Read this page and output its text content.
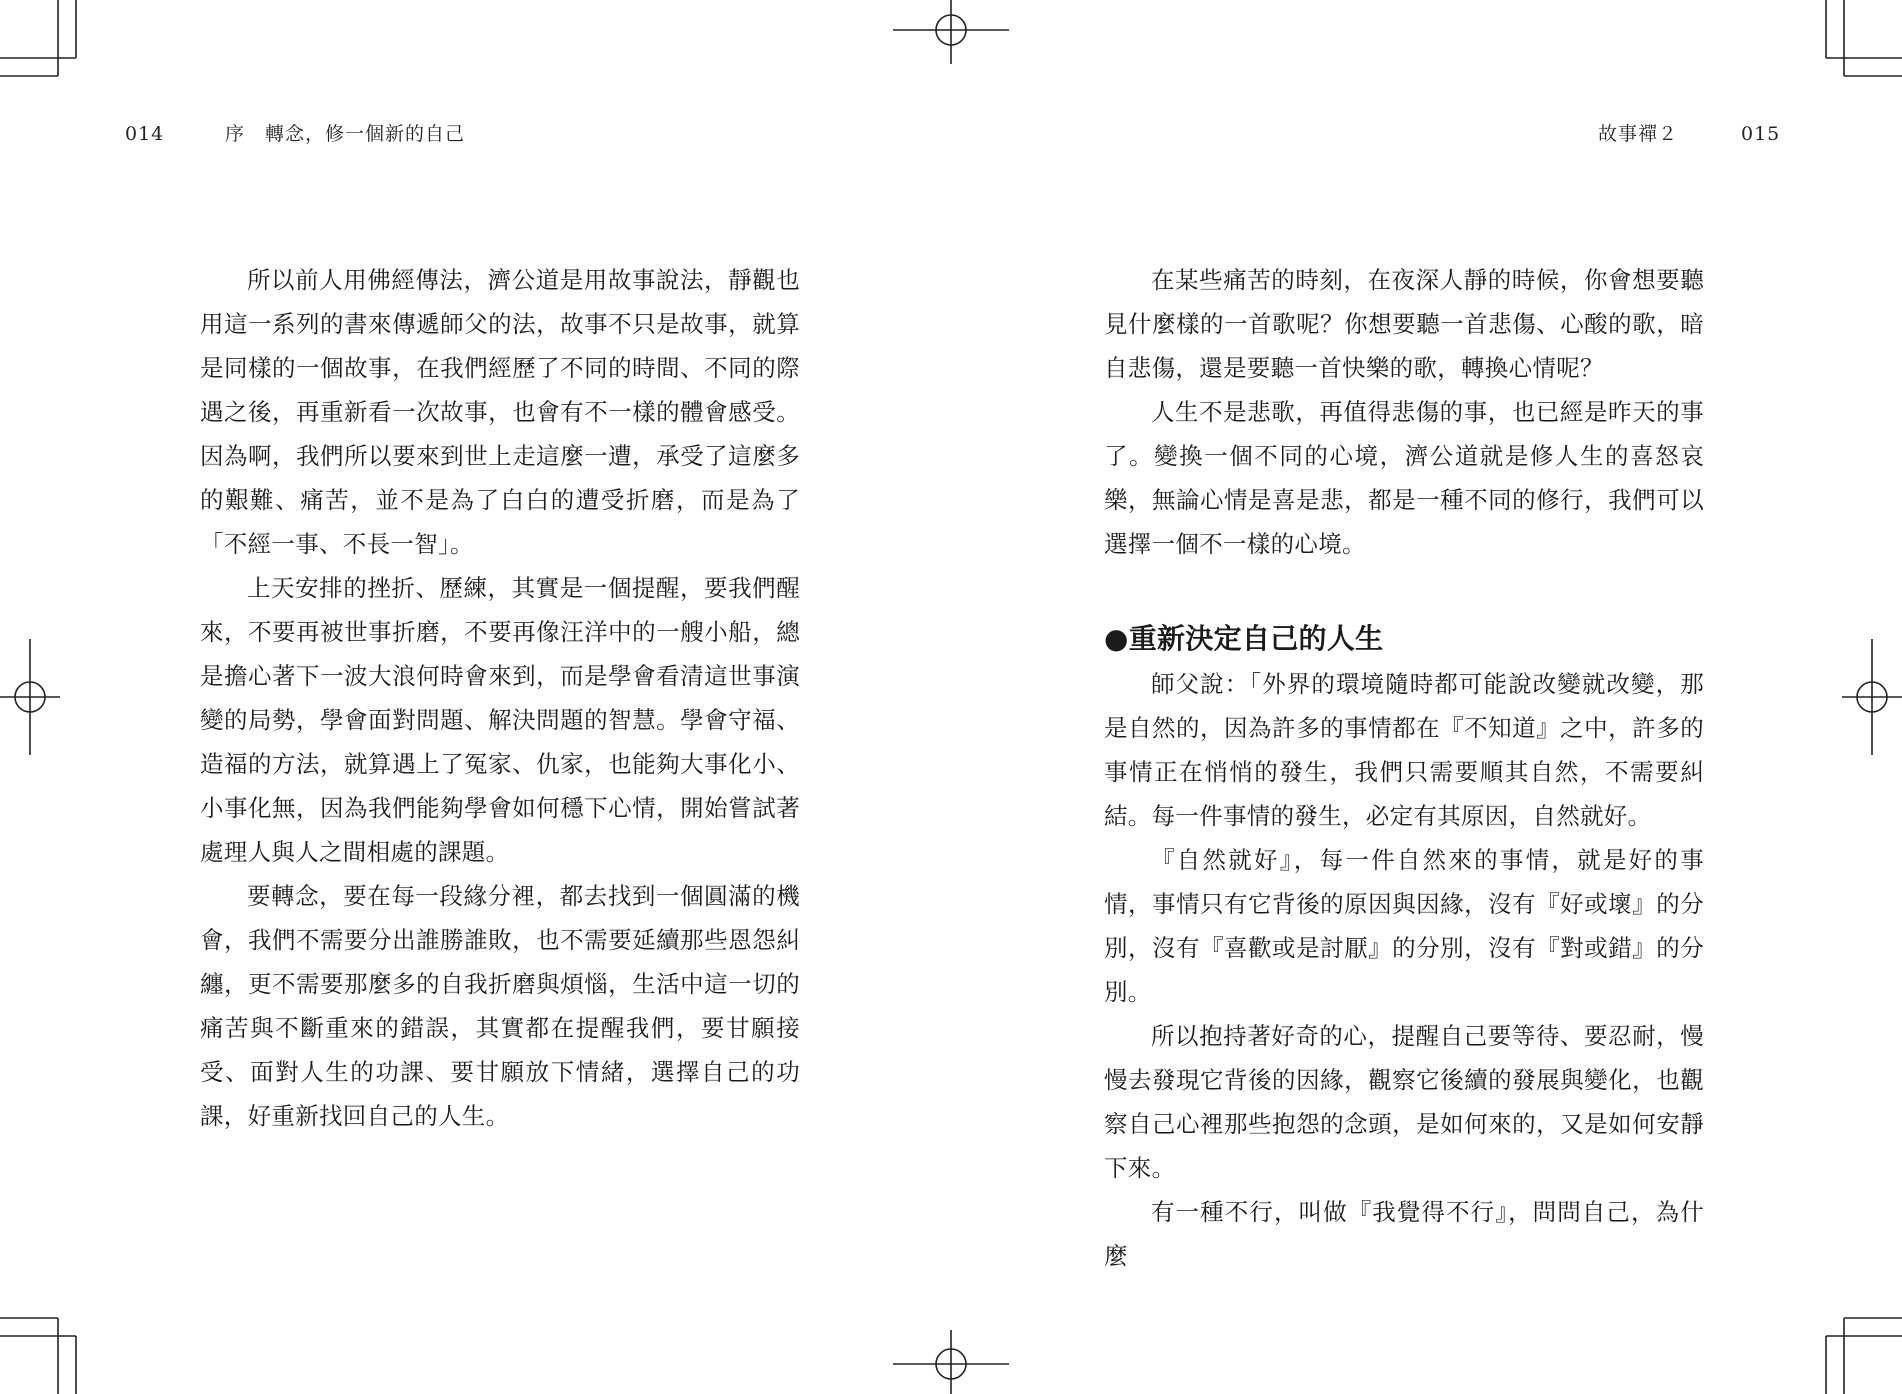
014	序　轉念，修一個新的自己

所以前人用佛經傳法，濟公道是用故事說法，靜觀也用這一系列的書來傳遞師父的法，故事不只是故事，就算是同樣的一個故事，在我們經歷了不同的時間、不同的際遇之後，再重新看一次故事，也會有不一樣的體會感受。因為啊，我們所以要來到世上走這麼一遭，承受了這麼多的艱難、痛苦，並不是為了白白的遭受折磨，而是為了「不經一事、不長一智」。

上天安排的挫折、歷練，其實是一個提醒，要我們醒來，不要再被世事折磨，不要再像汪洋中的一艘小船，總是擔心著下一波大浪何時會來到，而是學會看清這世事演變的局勢，學會面對問題、解決問題的智慧。學會守福、造福的方法，就算遇上了冤家、仇家，也能夠大事化小、小事化無，因為我們能夠學會如何穩下心情，開始嘗試著處理人與人之間相處的課題。

要轉念，要在每一段緣分裡，都去找到一個圓滿的機會，我們不需要分出誰勝誰敗，也不需要延續那些恩怨糾纏，更不需要那麼多的自我折磨與煩惱，生活中這一切的痛苦與不斷重來的錯誤，其實都在提醒我們，要甘願接受、面對人生的功課、要甘願放下情緒，選擇自己的功課，好重新找回自己的人生。

故事禪２	015

在某些痛苦的時刻，在夜深人靜的時候，你會想要聽見什麼樣的一首歌呢？你想要聽一首悲傷、心酸的歌，暗自悲傷，還是要聽一首快樂的歌，轉換心情呢？

人生不是悲歌，再值得悲傷的事，也已經是昨天的事了。變換一個不同的心境，濟公道就是修人生的喜怒哀樂，無論心情是喜是悲，都是一種不同的修行，我們可以選擇一個不一樣的心境。

●重新決定自己的人生

師父說：「外界的環境隨時都可能說改變就改變，那是自然的，因為許多的事情都在『不知道』之中，許多的事情正在悄悄的發生，我們只需要順其自然，不需要糾結。每一件事情的發生，必定有其原因，自然就好。

『自然就好』，每一件自然來的事情，就是好的事情，事情只有它背後的原因與因緣，沒有『好或壞』的分別，沒有『喜歡或是討厭』的分別，沒有『對或錯』的分別。

所以抱持著好奇的心，提醒自己要等待、要忍耐，慢慢去發現它背後的因緣，觀察它後續的發展與變化，也觀察自己心裡那些抱怨的念頭，是如何來的，又是如何安靜下來。

有一種不行，叫做『我覺得不行』，問問自己，為什麼
